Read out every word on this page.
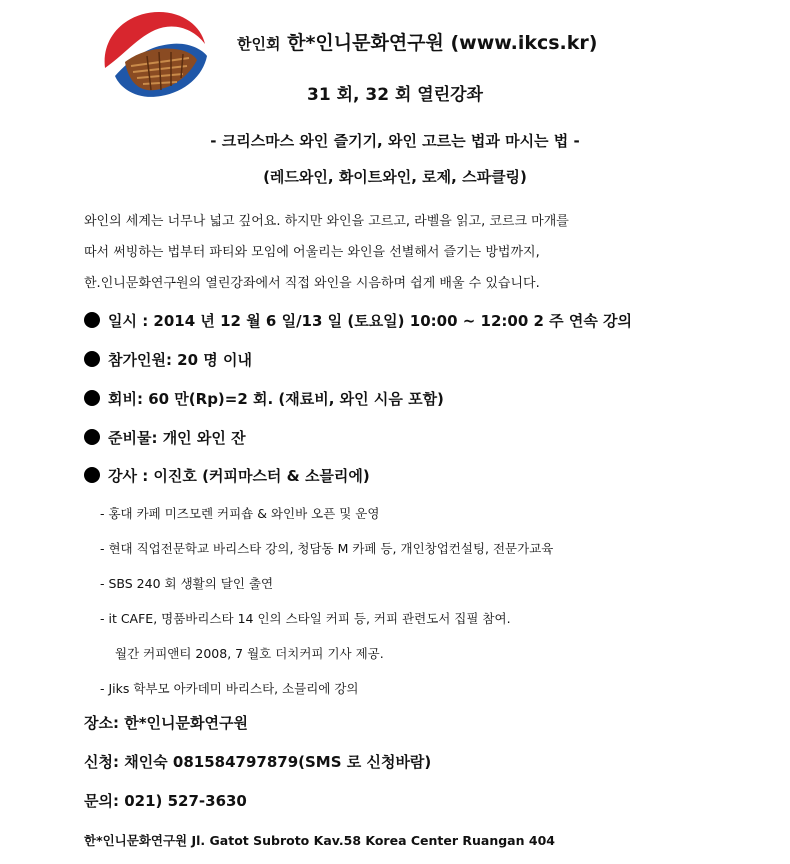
한인회 한*인니문화연구원 (www.ikcs.kr)
31 회, 32 회 열린강좌
- 크리스마스 와인 즐기기, 와인 고르는 법과 마시는 법 -
(레드와인, 화이트와인, 로제, 스파클링)
와인의 세계는 너무나 넓고 깊어요. 하지만 와인을 고르고, 라벨을 읽고, 코르크 마개를
따서 써빙하는 법부터 파티와 모임에 어울리는 와인을 선별해서 즐기는 방법까지,
한.인니문화연구원의 열린강좌에서 직접 와인을 시음하며 쉽게 배울 수 있습니다.
일시 : 2014 년 12 월 6 일/13 일 (토요일) 10:00 ~ 12:00 2 주 연속 강의
참가인원: 20 명 이내
회비: 60 만(Rp)=2 회. (재료비, 와인 시음 포함)
준비물: 개인 와인 잔
강사 : 이진호 (커피마스터 & 소믈리에)
- 홍대 카페 미즈모렌 커피숍 & 와인바 오픈 및 운영
- 현대 직업전문학교 바리스타 강의, 청담동 M 카페 등, 개인창업컨설팅, 전문가교육
- SBS 240 회 생활의 달인 출연
- it CAFE, 명품바리스타 14 인의 스타일 커피 등, 커피 관련도서 집필 참여.
월간 커피앤티 2008, 7 월호 더치커피 기사 제공.
- Jiks 학부모 아카데미 바리스타, 소믈리에 강의
장소: 한*인니문화연구원
신청: 채인숙 081584797879(SMS 로 신청바람)
문의: 021) 527-3630
한*인니문화연구원 Jl. Gatot Subroto Kav.58 Korea Center Ruangan 404
